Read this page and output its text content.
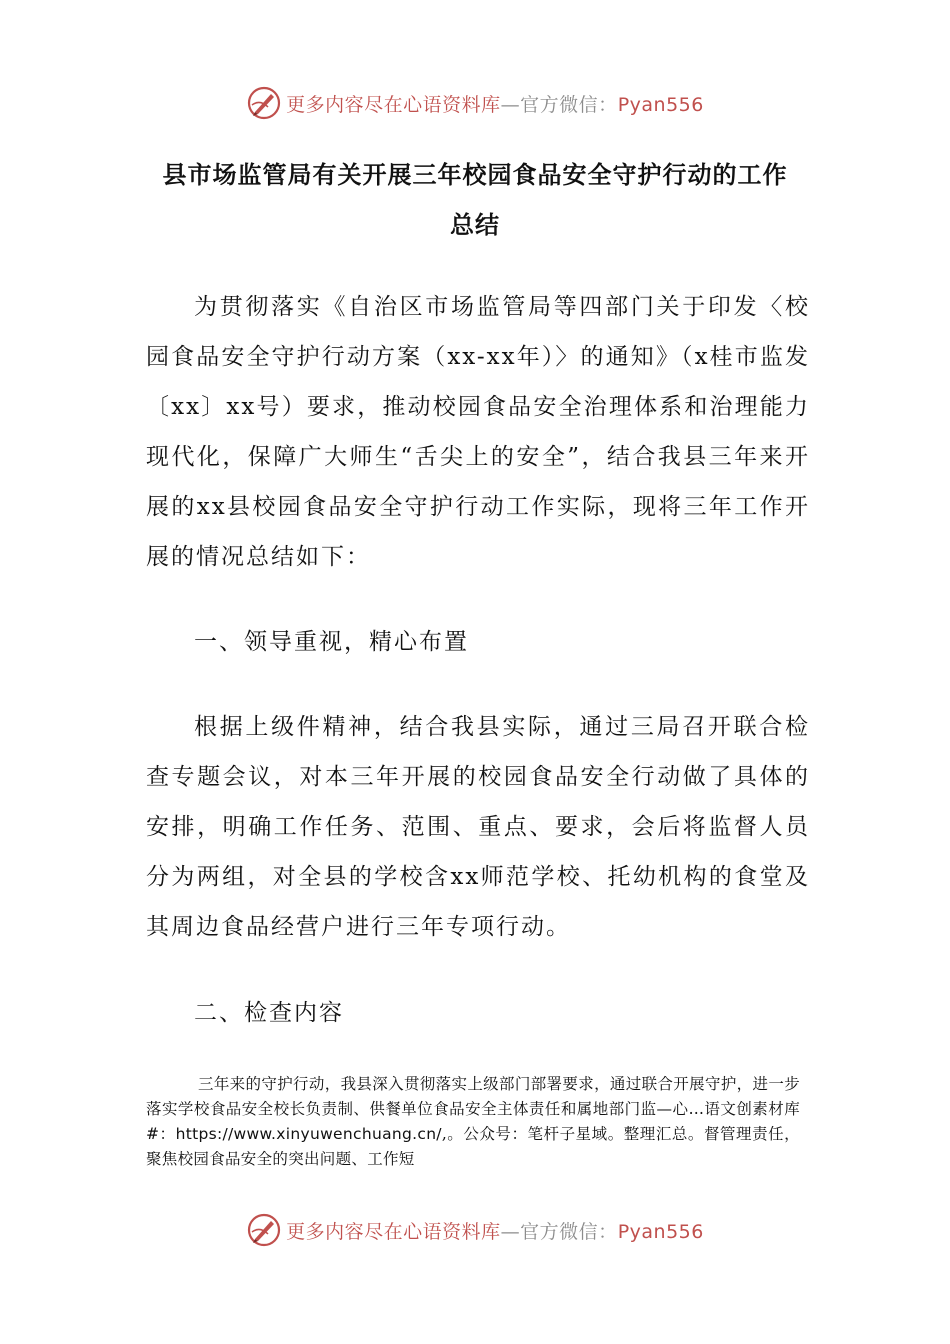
更多内容尽在心语资料库—官方微信：Pyan556
县市场监管局有关开展三年校园食品安全守护行动的工作
总结

为贯彻落实《自治区市场监管局等四部门关于印发〈校园食品安全守护行动方案（xx-xx年）〉的通知》（x桂市监发〔xx〕xx号）要求，推动校园食品安全治理体系和治理能力现代化，保障广大师生“舌尖上的安全”，结合我县三年来开展的xx县校园食品安全守护行动工作实际，现将三年工作开展的情况总结如下：

一、领导重视，精心布置

根据上级件精神，结合我县实际，通过三局召开联合检查专题会议，对本三年开展的校园食品安全行动做了具体的安排，明确工作任务、范围、重点、要求，会后将监督人员分为两组，对全县的学校含xx师范学校、托幼机构的食堂及其周边食品经营户进行三年专项行动。

二、检查内容

三年来的守护行动，我县深入贯彻落实上级部门部署要求，通过联合开展守护，进一步落实学校食品安全校长负责制、供餐单位食品安全主体责任和属地部门监—心…语文创素材库#：https://www.xinyuwenchuang.cn/,。公众号：笔杆子星域。整理汇总。督管理责任，聚焦校园食品安全的突出问题、工作短

更多内容尽在心语资料库—官方微信：Pyan556
